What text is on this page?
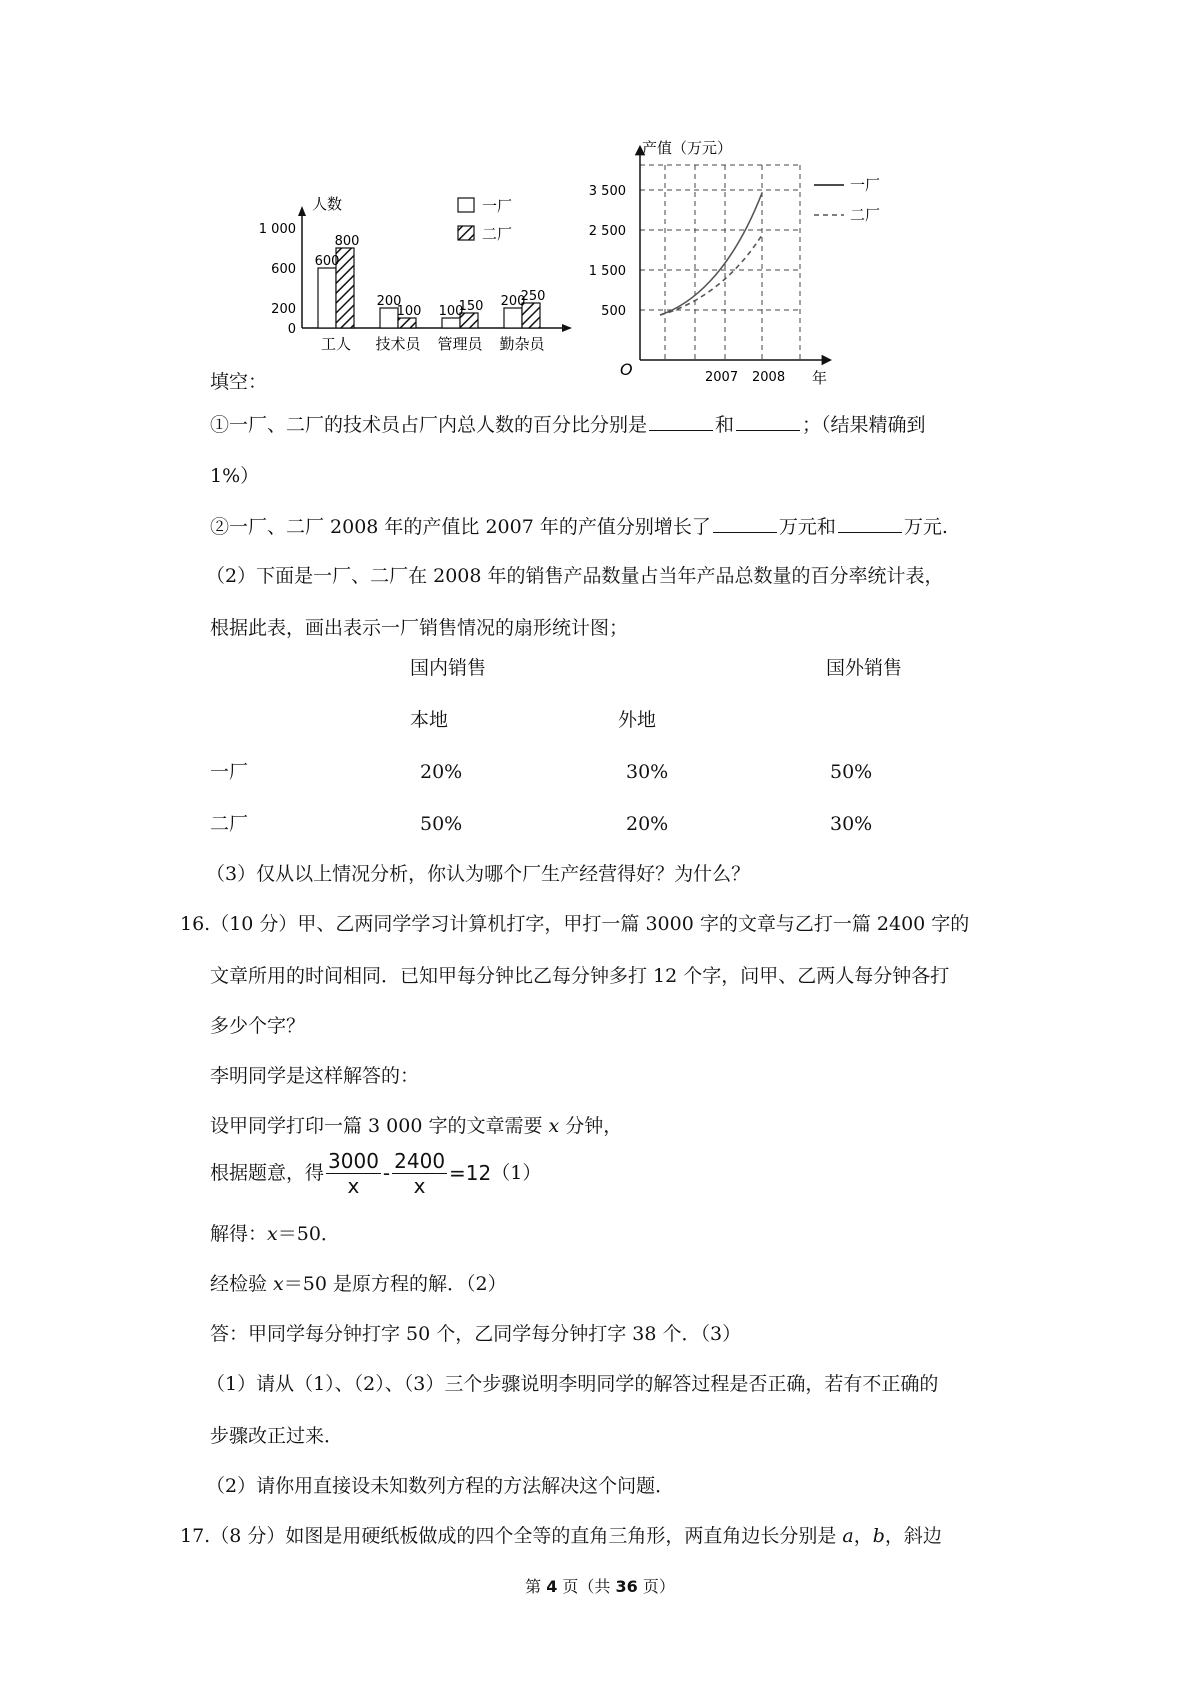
人数
1 000
600
200
0
600
800
200
100 100
150 200
250
工人 技术员 管理员 勤杂员
一厂
二厂
产值（万元）
3 500
2 500
1 500
500
O	2007 2008 年
一厂
二厂
填空：
①一厂、二厂的技术员占厂内总人数的百分比分别是	和	；（结果精确到
1%）
②一厂、二厂 2008 年的产值比 2007 年的产值分别增长了	万元和	万元.
（2）下面是一厂、二厂在 2008 年的销售产品数量占当年产品总数量的百分率统计表，
根据此表，画出表示一厂销售情况的扇形统计图；
国内销售	国外销售
本地	外地
一厂	20%	30%	50%
二厂	50%	20%	30%
（3）仅从以上情况分析，你认为哪个厂生产经营得好？为什么？
16.（10 分）甲、乙两同学学习计算机打字，甲打一篇 3000 字的文章与乙打一篇 2400 字的
文章所用的时间相同．已知甲每分钟比乙每分钟多打 12 个字，问甲、乙两人每分钟各打
多少个字？
李明同学是这样解答的：
设甲同学打印一篇 3 000 字的文章需要 x 分钟，
根据题意，得 $\frac{3000}{x} - \frac{2400}{x} =12(1)$
解得：x＝50．
经检验 x＝50 是原方程的解．（2）
答：甲同学每分钟打字 50 个，乙同学每分钟打字 38 个．（3）
（1）请从（1）、（2）、（3）三个步骤说明李明同学的解答过程是否正确，若有不正确的
步骤改正过来．
（2）请你用直接设未知数列方程的方法解决这个问题．
17.（8 分）如图是用硬纸板做成的四个全等的直角三角形，两直角边长分别是 a，b，斜边
第 4 页（共 36 页）
